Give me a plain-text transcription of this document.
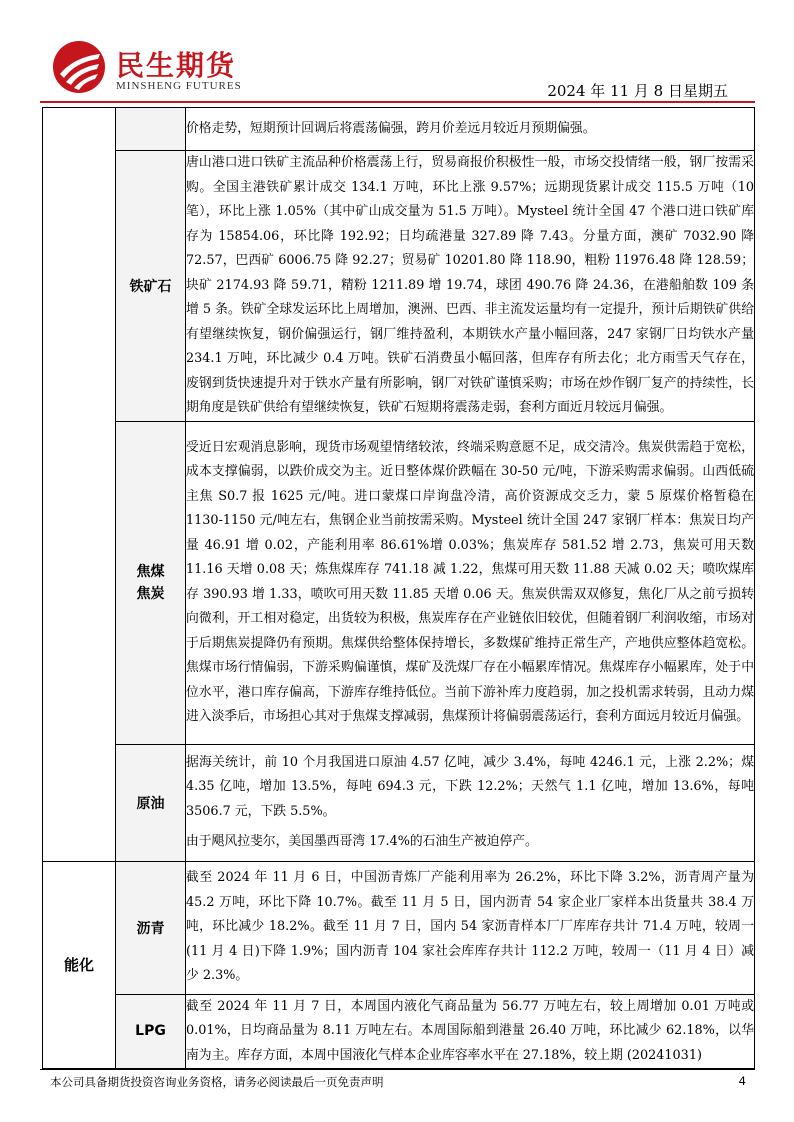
民生期货
MINSHENG FUTURES	2024 年 11 月 8 日星期五

		价格走势，短期预计回调后将震荡偏强，跨月价差远月较近月预期偏强。

	铁矿石	唐山港口进口铁矿主流品种价格震荡上行，贸易商报价积极性一般，市场交投情绪一般，钢厂按需采购。全国主港铁矿累计成交 134.1 万吨，环比上涨 9.57%；远期现货累计成交 115.5 万吨（10 笔），环比上涨 1.05%（其中矿山成交量为 51.5 万吨）。Mysteel 统计全国 47 个港口进口铁矿库存为 15854.06，环比降 192.92；日均疏港量 327.89 降 7.43。分量方面，澳矿 7032.90 降 72.57，巴西矿 6006.75 降 92.27；贸易矿 10201.80 降 118.90，粗粉 11976.48 降 128.59；块矿 2174.93 降 59.71，精粉 1211.89 增 19.74，球团 490.76 降 24.36，在港船舶数 109 条增 5 条。铁矿全球发运环比上周增加，澳洲、巴西、非主流发运量均有一定提升，预计后期铁矿供给有望继续恢复，钢价偏强运行，钢厂维持盈利，本期铁水产量小幅回落，247 家钢厂日均铁水产量 234.1 万吨，环比减少 0.4 万吨。铁矿石消费虽小幅回落，但库存有所去化；北方雨雪天气存在，废钢到货快速提升对于铁水产量有所影响，钢厂对铁矿谨慎采购；市场在炒作钢厂复产的持续性，长期角度是铁矿供给有望继续恢复，铁矿石短期将震荡走弱，套利方面近月较远月偏强。

	焦煤
焦炭	受近日宏观消息影响，现货市场观望情绪较浓，终端采购意愿不足，成交清冷。焦炭供需趋于宽松，成本支撑偏弱，以跌价成交为主。近日整体煤价跌幅在 30-50 元/吨，下游采购需求偏弱。山西低硫主焦 S0.7 报 1625 元/吨。进口蒙煤口岸询盘冷清，高价资源成交乏力，蒙 5 原煤价格暂稳在 1130-1150 元/吨左右，焦钢企业当前按需采购。Mysteel 统计全国 247 家钢厂样本：焦炭日均产量 46.91 增 0.02，产能利用率 86.61%增 0.03%；焦炭库存 581.52 增 2.73，焦炭可用天数 11.16 天增 0.08 天；炼焦煤库存 741.18 减 1.22，焦煤可用天数 11.88 天减 0.02 天；喷吹煤库存 390.93 增 1.33，喷吹可用天数 11.85 天增 0.06 天。焦炭供需双双修复，焦化厂从之前亏损转向微利，开工相对稳定，出货较为积极，焦炭库存在产业链依旧较优，但随着钢厂利润收缩，市场对于后期焦炭提降仍有预期。焦煤供给整体保持增长，多数煤矿维持正常生产，产地供应整体趋宽松。焦煤市场行情偏弱，下游采购偏谨慎，煤矿及洗煤厂存在小幅累库情况。焦煤库存小幅累库，处于中位水平，港口库存偏高，下游库存维持低位。当前下游补库力度趋弱，加之投机需求转弱，且动力煤进入淡季后，市场担心其对于焦煤支撑减弱，焦煤预计将偏弱震荡运行，套利方面远月较近月偏强。

	原油	据海关统计，前 10 个月我国进口原油 4.57 亿吨，减少 3.4%，每吨 4246.1 元，上涨 2.2%；煤 4.35 亿吨，增加 13.5%，每吨 694.3 元，下跌 12.2%；天然气 1.1 亿吨，增加 13.6%，每吨 3506.7 元，下跌 5.5%。

由于飓风拉斐尔，美国墨西哥湾 17.4%的石油生产被迫停产。

能化	沥青	截至 2024 年 11 月 6 日，中国沥青炼厂产能利用率为 26.2%，环比下降 3.2%，沥青周产量为 45.2 万吨，环比下降 10.7%。截至 11 月 5 日，国内沥青 54 家企业厂家样本出货量共 38.4 万吨，环比减少 18.2%。截至 11 月 7 日，国内 54 家沥青样本厂厂库库存共计 71.4 万吨，较周一(11 月 4 日)下降 1.9%；国内沥青 104 家社会库库存共计 112.2 万吨，较周一（11 月 4 日）减少 2.3%。

	LPG	截至 2024 年 11 月 7 日，本周国内液化气商品量为 56.77 万吨左右，较上周增加 0.01 万吨或 0.01%，日均商品量为 8.11 万吨左右。本周国际船到港量 26.40 万吨，环比减少 62.18%，以华南为主。库存方面，本周中国液化气样本企业库容率水平在 27.18%，较上期 (20241031)

本公司具备期货投资咨询业务资格，请务必阅读最后一页免责声明	4
